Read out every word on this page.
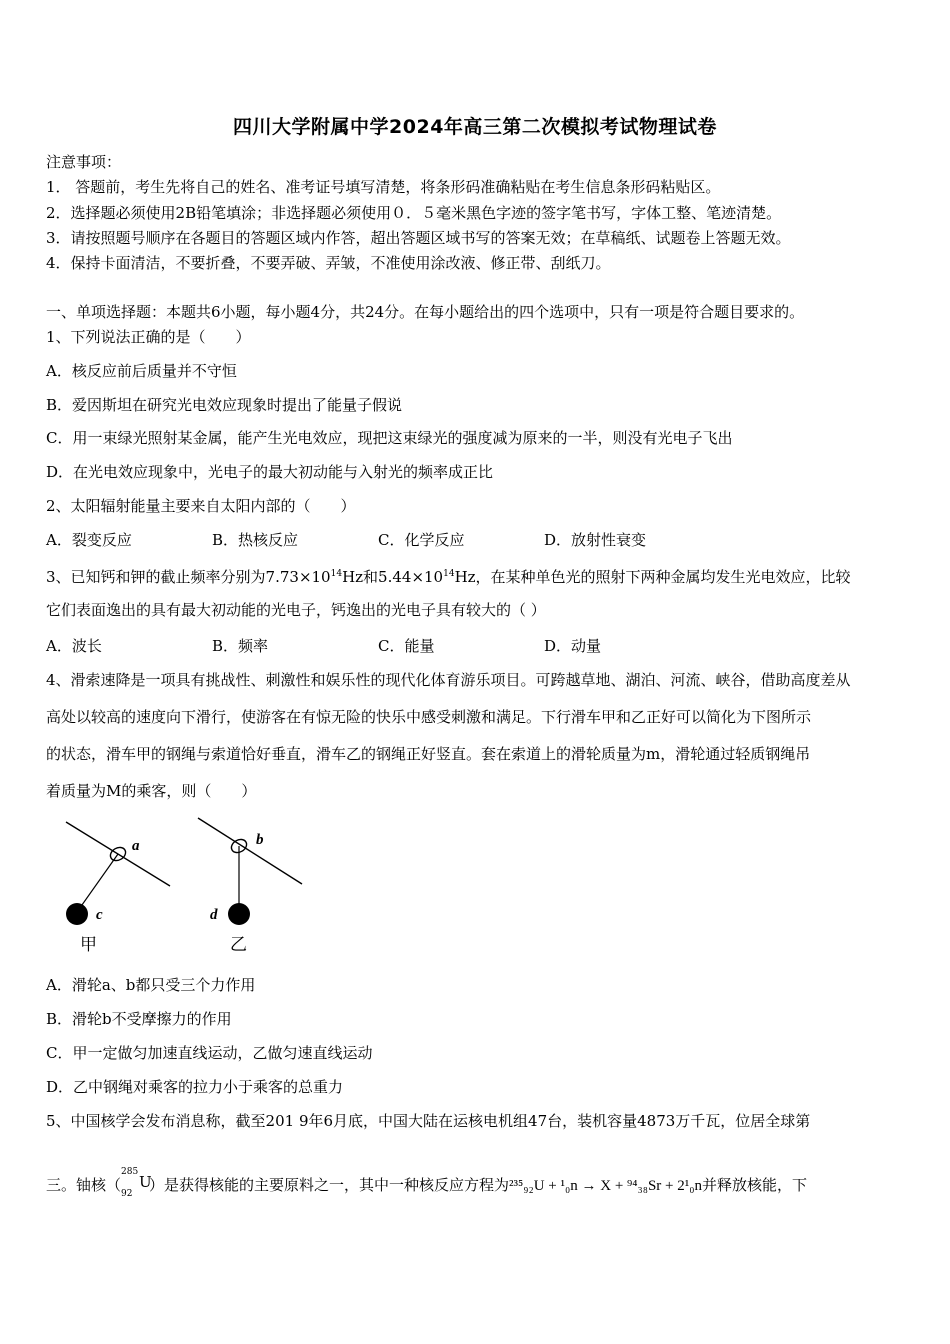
四川大学附属中学2024年高三第二次模拟考试物理试卷
注意事项：
1． 答题前，考生先将自己的姓名、准考证号填写清楚，将条形码准确粘贴在考生信息条形码粘贴区。
2．选择题必须使用2B铅笔填涂；非选择题必须使用０．５毫米黑色字迹的签字笔书写，字体工整、笔迹清楚。
3．请按照题号顺序在各题目的答题区域内作答，超出答题区域书写的答案无效；在草稿纸、试题卷上答题无效。
4．保持卡面清洁，不要折叠，不要弄破、弄皱，不准使用涂改液、修正带、刮纸刀。
一、单项选择题：本题共6小题，每小题4分，共24分。在每小题给出的四个选项中，只有一项是符合题目要求的。
1、下列说法正确的是（　　）
A．核反应前后质量并不守恒
B．爱因斯坦在研究光电效应现象时提出了能量子假说
C．用一束绿光照射某金属，能产生光电效应，现把这束绿光的强度减为原来的一半，则没有光电子飞出
D．在光电效应现象中，光电子的最大初动能与入射光的频率成正比
2、太阳辐射能量主要来自太阳内部的（　　）
A．裂变反应	B．热核反应	C．化学反应	D．放射性衰变
3、已知钙和钾的截止频率分别为$7.73\times 10^{14}Hz$和$5.44\times 10^{14}Hz$，在某种单色光的照射下两种金属均发生光电效应，比较
它们表面逸出的具有最大初动能的光电子，钙逸出的光电子具有较大的（ ）
A．波长	B．频率	C．能量	D．动量
4、滑索速降是一项具有挑战性、刺激性和娱乐性的现代化体育游乐项目。可跨越草地、湖泊、河流、峡谷，借助高度差从
高处以较高的速度向下滑行，使游客在有惊无险的快乐中感受刺激和满足。下行滑车甲和乙正好可以简化为下图所示
的状态，滑车甲的钢绳与索道恰好垂直，滑车乙的钢绳正好竖直。套在索道上的滑轮质量为m，滑轮通过轻质钢绳吊
着质量为M的乘客，则（　　）
a
c
甲
b
d
乙
A．滑轮a、b都只受三个力作用
B．滑轮b不受摩擦力的作用
C．甲一定做匀加速直线运动，乙做匀速直线运动
D．乙中钢绳对乘客的拉力小于乘客的总重力
5、中国核学会发布消息称，截至201 9年6月底，中国大陆在运核电机组47台，装机容量4873万千瓦，位居全球第
三。铀核（
285
92
U
）是获得核能的主要原料之一，其中一种核反应方程为²³⁵₉₂U + ¹₀n → X + ⁹⁴₃₈Sr + 2¹₀n并释放核能，下
